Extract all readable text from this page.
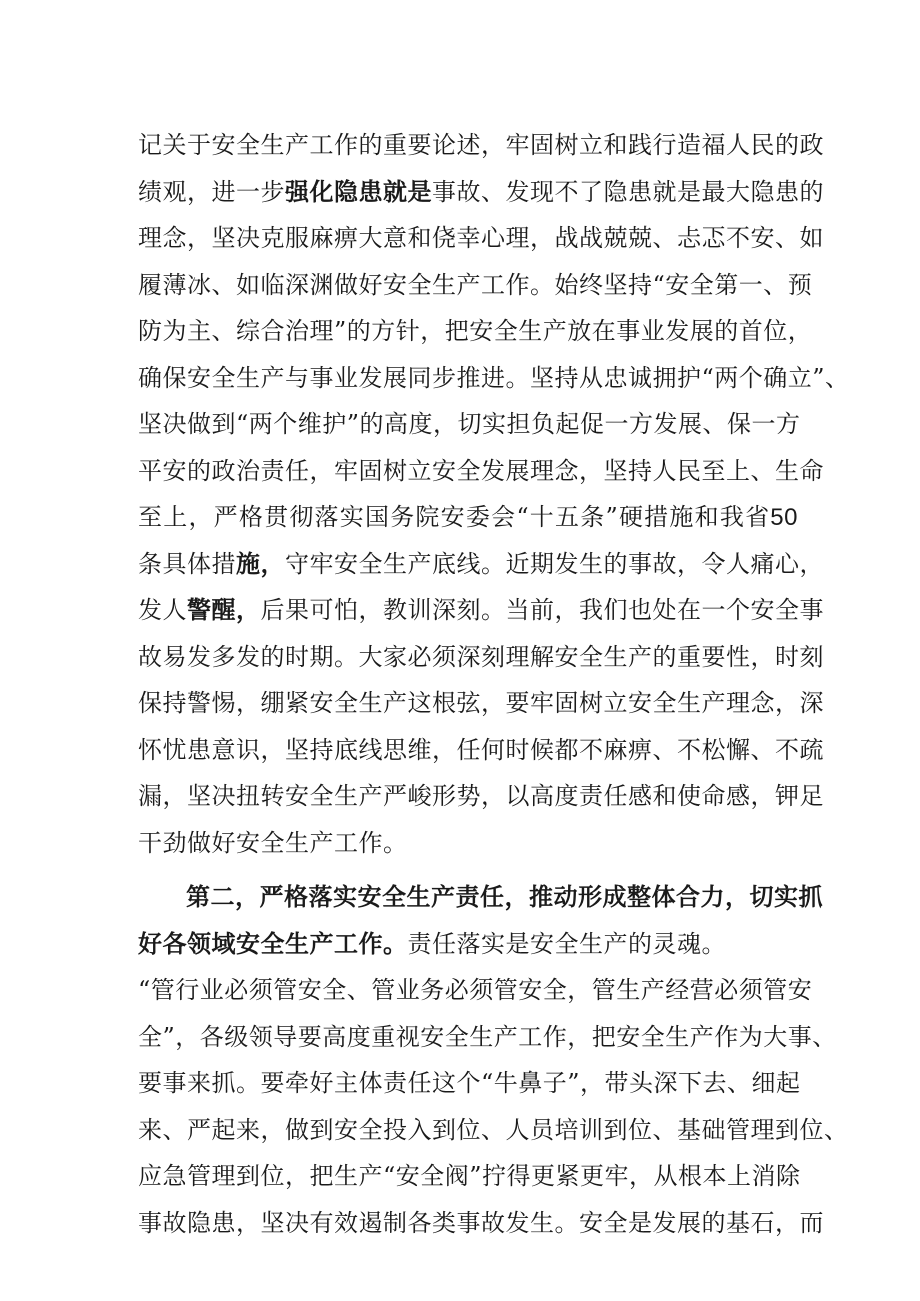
记关于安全生产工作的重要论述，牢固树立和践行造福人民的政
绩观，进一步强化隐患就是事故、发现不了隐患就是最大隐患的
理念，坚决克服麻痹大意和侥幸心理，战战兢兢、忐忑不安、如
履薄冰、如临深渊做好安全生产工作。始终坚持“安全第一、预
防为主、综合治理”的方针，把安全生产放在事业发展的首位，
确保安全生产与事业发展同步推进。坚持从忠诚拥护“两个确立”、
坚决做到“两个维护”的高度，切实担负起促一方发展、保一方
平安的政治责任，牢固树立安全发展理念，坚持人民至上、生命
至上，严格贯彻落实国务院安委会“十五条”硬措施和我省50
条具体措施，守牢安全生产底线。近期发生的事故，令人痛心，
发人警醒，后果可怕，教训深刻。当前，我们也处在一个安全事
故易发多发的时期。大家必须深刻理解安全生产的重要性，时刻
保持警惕，绷紧安全生产这根弦，要牢固树立安全生产理念，深
怀忧患意识，坚持底线思维，任何时候都不麻痹、不松懈、不疏
漏，坚决扭转安全生产严峻形势，以高度责任感和使命感，钾足
干劲做好安全生产工作。
第二，严格落实安全生产责任，推动形成整体合力，切实抓
好各领域安全生产工作。责任落实是安全生产的灵魂。
“管行业必须管安全、管业务必须管安全，管生产经营必须管安
全”，各级领导要高度重视安全生产工作，把安全生产作为大事、
要事来抓。要牵好主体责任这个“牛鼻子”，带头深下去、细起
来、严起来，做到安全投入到位、人员培训到位、基础管理到位、
应急管理到位，把生产“安全阀”拧得更紧更牢，从根本上消除
事故隐患，坚决有效遏制各类事故发生。安全是发展的基石，而
